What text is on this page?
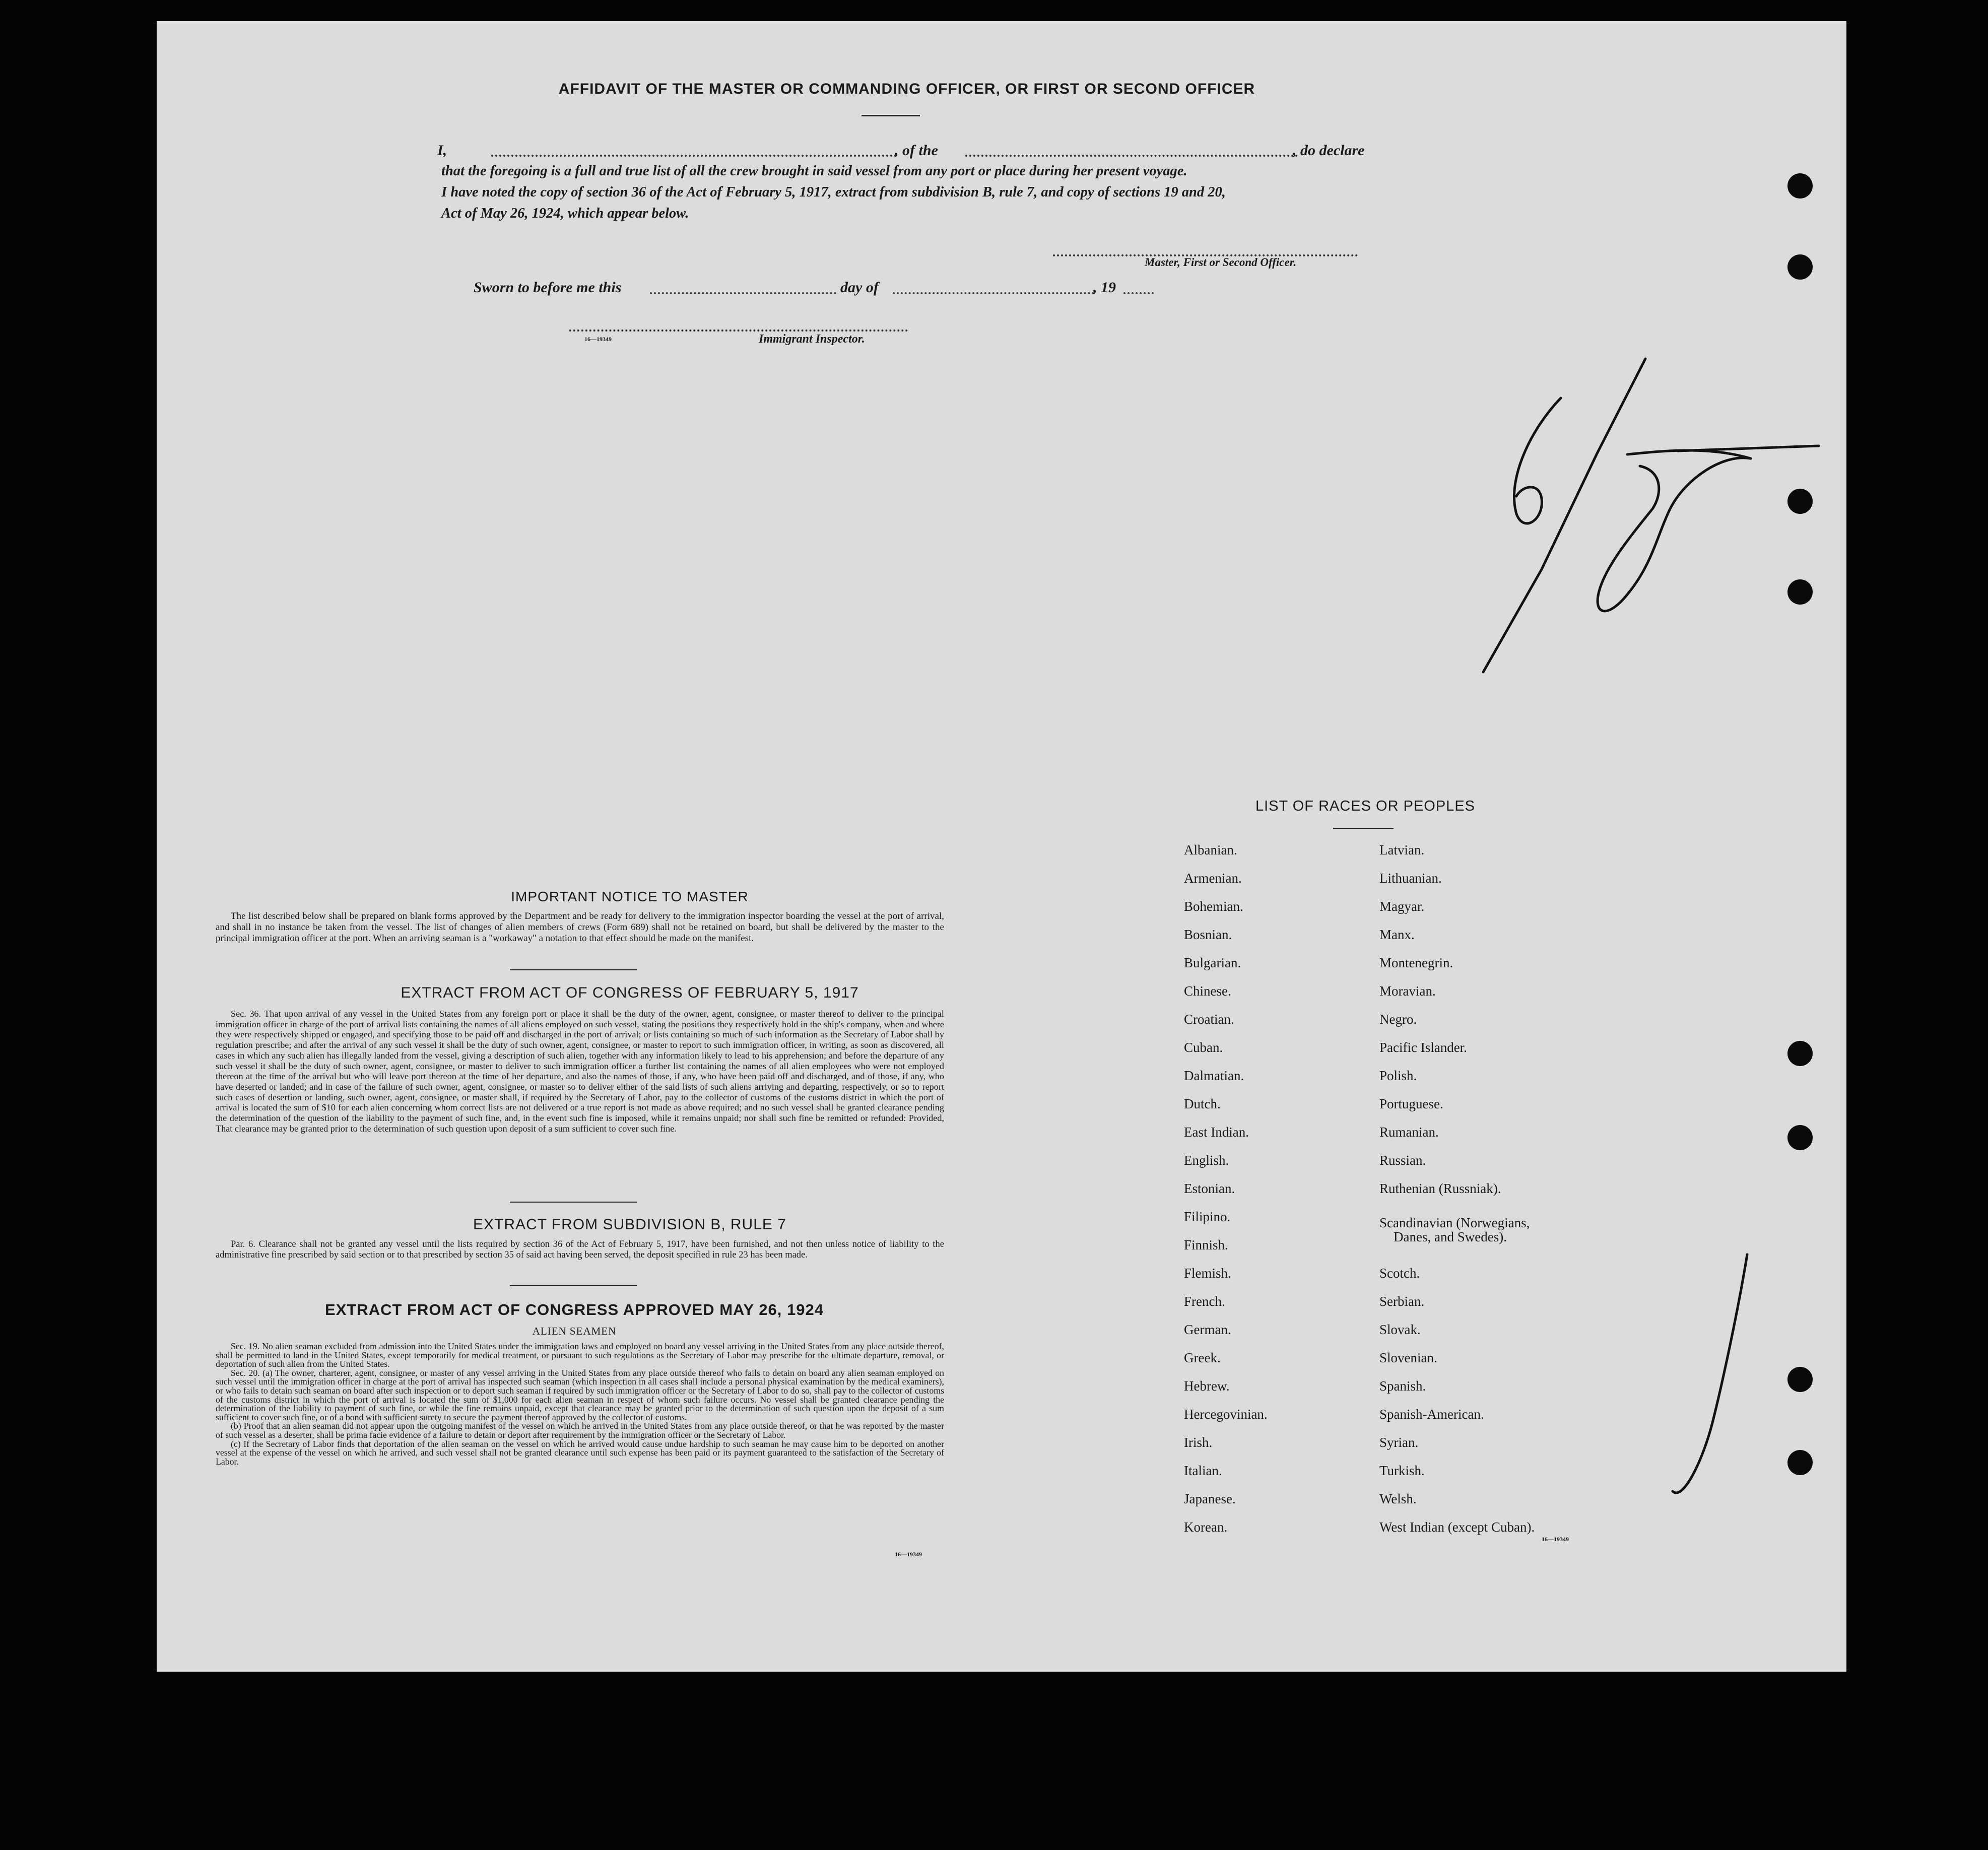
AFFIDAVIT OF THE MASTER OR COMMANDING OFFICER, OR FIRST OR SECOND OFFICER
I,	, of the	, do declare
that the foregoing is a full and true list of all the crew brought in said vessel from any port or place during her present voyage.
I have noted the copy of section 36 of the Act of February 5, 1917, extract from subdivision B, rule 7, and copy of sections 19 and 20,
Act of May 26, 1924, which appear below.
Master, First or Second Officer.
Sworn to before me this	day of	, 19
16—19349	Immigrant Inspector.
IMPORTANT NOTICE TO MASTER
The list described below shall be prepared on blank forms approved by the Department and be ready for delivery to the immigration inspector boarding the vessel at the port of arrival, and shall in no instance be taken from the vessel. The list of changes of alien members of crews (Form 689) shall not be retained on board, but shall be delivered by the master to the principal immigration officer at the port. When an arriving seaman is a "workaway" a notation to that effect should be made on the manifest.
EXTRACT FROM ACT OF CONGRESS OF FEBRUARY 5, 1917
Sec. 36. That upon arrival of any vessel in the United States from any foreign port or place it shall be the duty of the owner, agent, consignee, or master thereof to deliver to the principal immigration officer in charge of the port of arrival lists containing the names of all aliens employed on such vessel, stating the positions they respectively hold in the ship's company, when and where they were respectively shipped or engaged, and specifying those to be paid off and discharged in the port of arrival; or lists containing so much of such information as the Secretary of Labor shall by regulation prescribe; and after the arrival of any such vessel it shall be the duty of such owner, agent, consignee, or master to report to such immigration officer, in writing, as soon as discovered, all cases in which any such alien has illegally landed from the vessel, giving a description of such alien, together with any information likely to lead to his apprehension; and before the departure of any such vessel it shall be the duty of such owner, agent, consignee, or master to deliver to such immigration officer a further list containing the names of all alien employees who were not employed thereon at the time of the arrival but who will leave port thereon at the time of her departure, and also the names of those, if any, who have been paid off and discharged, and of those, if any, who have deserted or landed; and in case of the failure of such owner, agent, consignee, or master so to deliver either of the said lists of such aliens arriving and departing, respectively, or so to report such cases of desertion or landing, such owner, agent, consignee, or master shall, if required by the Secretary of Labor, pay to the collector of customs of the customs district in which the port of arrival is located the sum of $10 for each alien concerning whom correct lists are not delivered or a true report is not made as above required; and no such vessel shall be granted clearance pending the determination of the question of the liability to the payment of such fine, and, in the event such fine is imposed, while it remains unpaid; nor shall such fine be remitted or refunded: Provided, That clearance may be granted prior to the determination of such question upon deposit of a sum sufficient to cover such fine.
EXTRACT FROM SUBDIVISION B, RULE 7
Par. 6. Clearance shall not be granted any vessel until the lists required by section 36 of the Act of February 5, 1917, have been furnished, and not then unless notice of liability to the administrative fine prescribed by said section or to that prescribed by section 35 of said act having been served, the deposit specified in rule 23 has been made.
EXTRACT FROM ACT OF CONGRESS APPROVED MAY 26, 1924
ALIEN SEAMEN

Sec. 19. No alien seaman excluded from admission into the United States under the immigration laws and employed on board any vessel arriving in the United States from any place outside thereof, shall be permitted to land in the United States, except temporarily for medical treatment, or pursuant to such regulations as the Secretary of Labor may prescribe for the ultimate departure, removal, or deportation of such alien from the United States.

Sec. 20. (a) The owner, charterer, agent, consignee, or master of any vessel arriving in the United States from any place outside thereof who fails to detain on board any alien seaman employed on such vessel until the immigration officer in charge at the port of arrival has inspected such seaman (which inspection in all cases shall include a personal physical examination by the medical examiners), or who fails to detain such seaman on board after such inspection or to deport such seaman if required by such immigration officer or the Secretary of Labor to do so, shall pay to the collector of customs of the customs district in which the port of arrival is located the sum of $1,000 for each alien seaman in respect of whom such failure occurs. No vessel shall be granted clearance pending the determination of the liability to payment of such fine, or while the fine remains unpaid, except that clearance may be granted prior to the determination of such question upon the deposit of a sum sufficient to cover such fine, or of a bond with sufficient surety to secure the payment thereof approved by the collector of customs.

(b) Proof that an alien seaman did not appear upon the outgoing manifest of the vessel on which he arrived in the United States from any place outside thereof, or that he was reported by the master of such vessel as a deserter, shall be prima facie evidence of a failure to detain or deport after requirement by the immigration officer or the Secretary of Labor.

(c) If the Secretary of Labor finds that deportation of the alien seaman on the vessel on which he arrived would cause undue hardship to such seaman he may cause him to be deported on another vessel at the expense of the vessel on which he arrived, and such vessel shall not be granted clearance until such expense has been paid or its payment guaranteed to the satisfaction of the Secretary of Labor.

16—19349
LIST OF RACES OR PEOPLES
Albanian.
Armenian.
Bohemian.
Bosnian.
Bulgarian.
Chinese.
Croatian.
Cuban.
Dalmatian.
Dutch.
East Indian.
English.
Estonian.
Filipino.
Finnish.
Flemish.
French.
German.
Greek.
Hebrew.
Hercegovinian.
Irish.
Italian.
Japanese.
Korean.
Latvian.
Lithuanian.
Magyar.
Manx.
Montenegrin.
Moravian.
Negro.
Pacific Islander.
Polish.
Portuguese.
Rumanian.
Russian.
Ruthenian (Russniak).
Scandinavian (Norwegians,
Danes, and Swedes).
Scotch.
Serbian.
Slovak.
Slovenian.
Spanish.
Spanish-American.
Syrian.
Turkish.
Welsh.
West Indian (except Cuban).
16—19349
